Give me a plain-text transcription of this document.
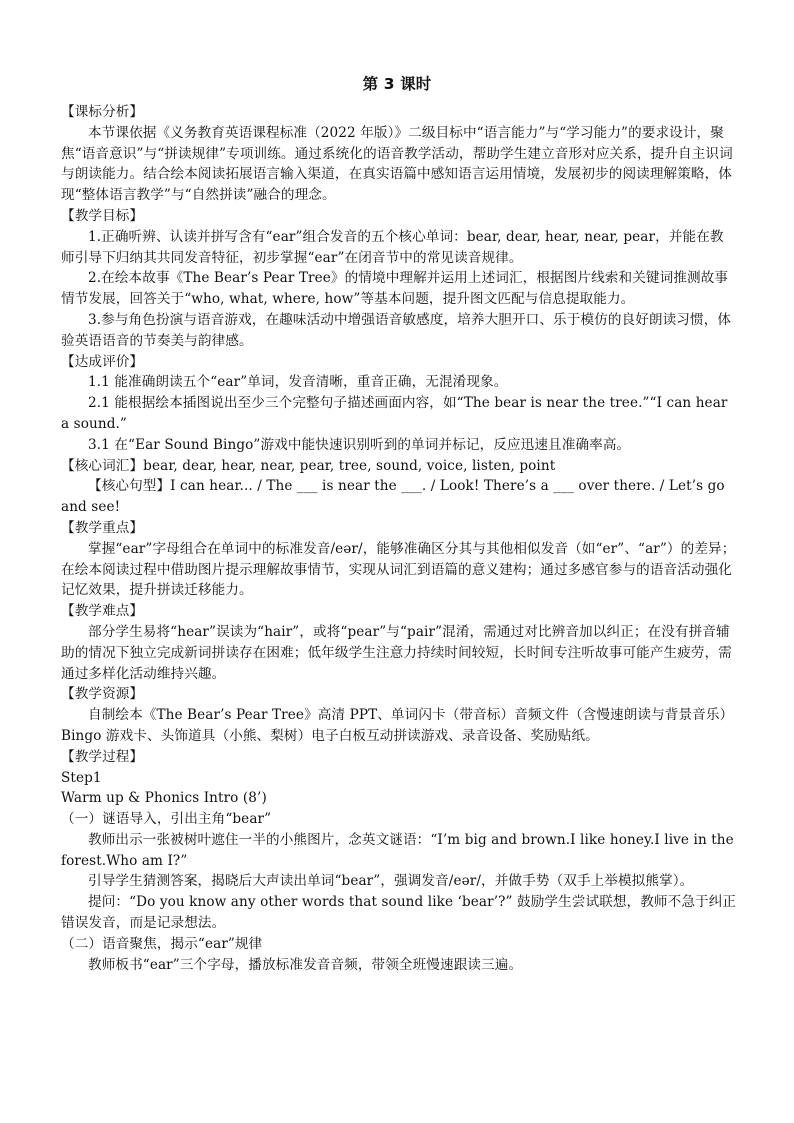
第 3 课时

【课标分析】

本节课依据《义务教育英语课程标准（2022 年版）》二级目标中“语言能力”与“学习能力”的要求设计，聚焦“语音意识”与“拼读规律”专项训练。通过系统化的语音教学活动，帮助学生建立音形对应关系，提升自主识词与朗读能力。结合绘本阅读拓展语言输入渠道，在真实语篇中感知语言运用情境，发展初步的阅读理解策略，体现“整体语言教学”与“自然拼读”融合的理念。

【教学目标】

1.正确听辨、认读并拼写含有“ear”组合发音的五个核心单词：bear, dear, hear, near, pear，并能在教师引导下归纳其共同发音特征，初步掌握“ear”在闭音节中的常见读音规律。

2.在绘本故事《The Bear’s Pear Tree》的情境中理解并运用上述词汇，根据图片线索和关键词推测故事情节发展，回答关于“who, what, where, how”等基本问题，提升图文匹配与信息提取能力。

3.参与角色扮演与语音游戏，在趣味活动中增强语音敏感度，培养大胆开口、乐于模仿的良好朗读习惯，体验英语语音的节奏美与韵律感。

【达成评价】

1.1 能准确朗读五个“ear”单词，发音清晰，重音正确，无混淆现象。

2.1 能根据绘本插图说出至少三个完整句子描述画面内容，如“The bear is near the tree.”“I can hear a sound.”

3.1 在“Ear Sound Bingo”游戏中能快速识别听到的单词并标记，反应迅速且准确率高。

【核心词汇】bear, dear, hear, near, pear, tree, sound, voice, listen, point

【核心句型】I can hear... / The ___ is near the ___. / Look! There’s a ___ over there. / Let’s go and see!

【教学重点】

掌握“ear”字母组合在单词中的标准发音/eər/，能够准确区分其与其他相似发音（如“er”、“ar”）的差异；在绘本阅读过程中借助图片提示理解故事情节，实现从词汇到语篇的意义建构；通过多感官参与的语音活动强化记忆效果，提升拼读迁移能力。

【教学难点】

部分学生易将“hear”误读为“hair”，或将“pear”与“pair”混淆，需通过对比辨音加以纠正；在没有拼音辅助的情况下独立完成新词拼读存在困难；低年级学生注意力持续时间较短，长时间专注听故事可能产生疲劳，需通过多样化活动维持兴趣。

【教学资源】

自制绘本《The Bear’s Pear Tree》高清 PPT、单词闪卡（带音标）音频文件（含慢速朗读与背景音乐）Bingo 游戏卡、头饰道具（小熊、梨树）电子白板互动拼读游戏、录音设备、奖励贴纸。

【教学过程】

Step1

Warm up & Phonics Intro (8’)

（一）谜语导入，引出主角“bear”

教师出示一张被树叶遮住一半的小熊图片，念英文谜语：“I’m big and brown.I like honey.I live in the forest.Who am I?”

引导学生猜测答案，揭晓后大声读出单词“bear”，强调发音/eər/，并做手势（双手上举模拟熊掌）。

提问：“Do you know any other words that sound like ‘bear’?” 鼓励学生尝试联想，教师不急于纠正错误发音，而是记录想法。

（二）语音聚焦，揭示“ear”规律

教师板书“ear”三个字母，播放标准发音音频，带领全班慢速跟读三遍。
